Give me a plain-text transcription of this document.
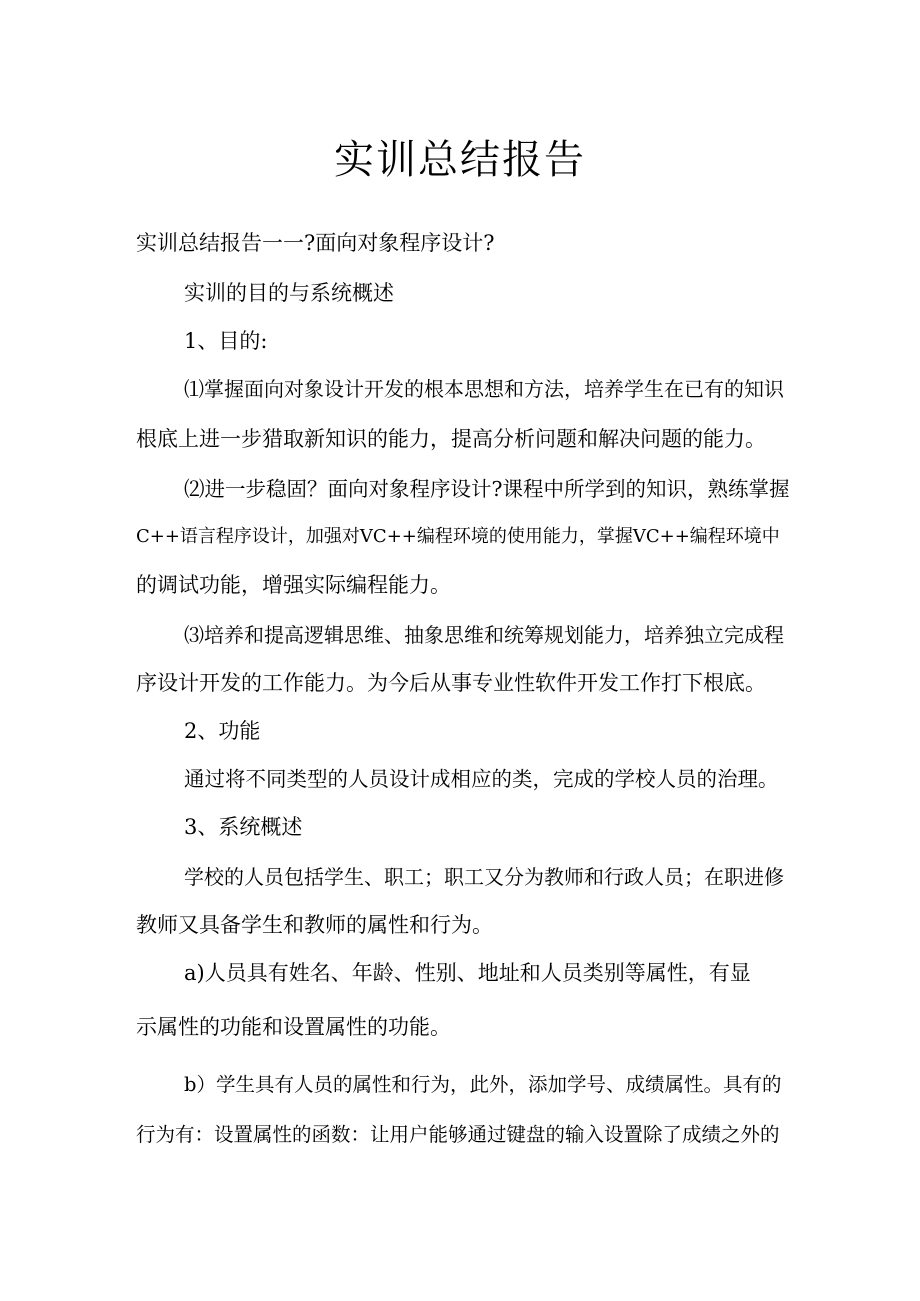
实训总结报告
实训总结报告一一?面向对象程序设计?
实训的目的与系统概述
1、目的:
⑴掌握面向对象设计开发的根本思想和方法，培养学生在已有的知识
根底上进一步猎取新知识的能力，提高分析问题和解决问题的能力。
⑵进一步稳固？面向对象程序设计?课程中所学到的知识，熟练掌握
C++语言程序设计，加强对VC++编程环境的使用能力，掌握VC++编程环境中
的调试功能，增强实际编程能力。
⑶培养和提高逻辑思维、抽象思维和统筹规划能力，培养独立完成程
序设计开发的工作能力。为今后从事专业性软件开发工作打下根底。
2、功能
通过将不同类型的人员设计成相应的类，完成的学校人员的治理。
3、系统概述
学校的人员包括学生、职工；职工又分为教师和行政人员；在职进修
教师又具备学生和教师的属性和行为。
a)人员具有姓名、年龄、性别、地址和人员类别等属性，有显
示属性的功能和设置属性的功能。
b）学生具有人员的属性和行为，此外，添加学号、成绩属性。具有的
行为有：设置属性的函数：让用户能够通过键盘的输入设置除了成绩之外的
